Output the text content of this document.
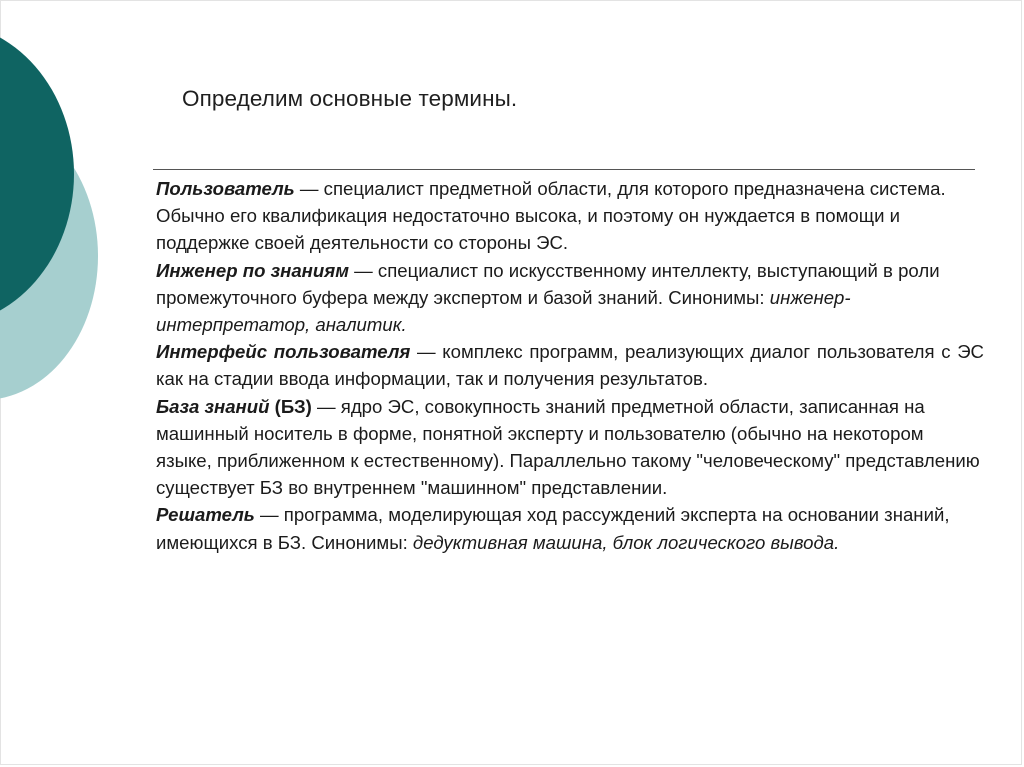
Определим основные термины.

Пользователь — специалист предметной области, для которого предназначена система. Обычно его квалификация недостаточно высока, и поэтому он нуждается в помощи и поддержке своей деятельности со стороны ЭС.

Инженер по знаниям — специалист по искусственному интеллекту, выступающий в роли промежуточного буфера между экспертом и базой знаний. Синонимы: инженер-интерпретатор, аналитик.

Интерфейс пользователя — комплекс программ, реализующих диалог пользователя с ЭС как на стадии ввода информации, так и получения результатов.

База знаний (БЗ) — ядро ЭС, совокупность знаний предметной области, записанная на машинный носитель в форме, понятной эксперту и пользователю (обычно на некотором языке, приближенном к естественному). Параллельно такому "человеческому" представлению существует БЗ во внутреннем "машинном" представлении.

Решатель — программа, моделирующая ход рассуждений эксперта на основании знаний, имеющихся в БЗ. Синонимы: дедуктивная машина, блок логического вывода.
